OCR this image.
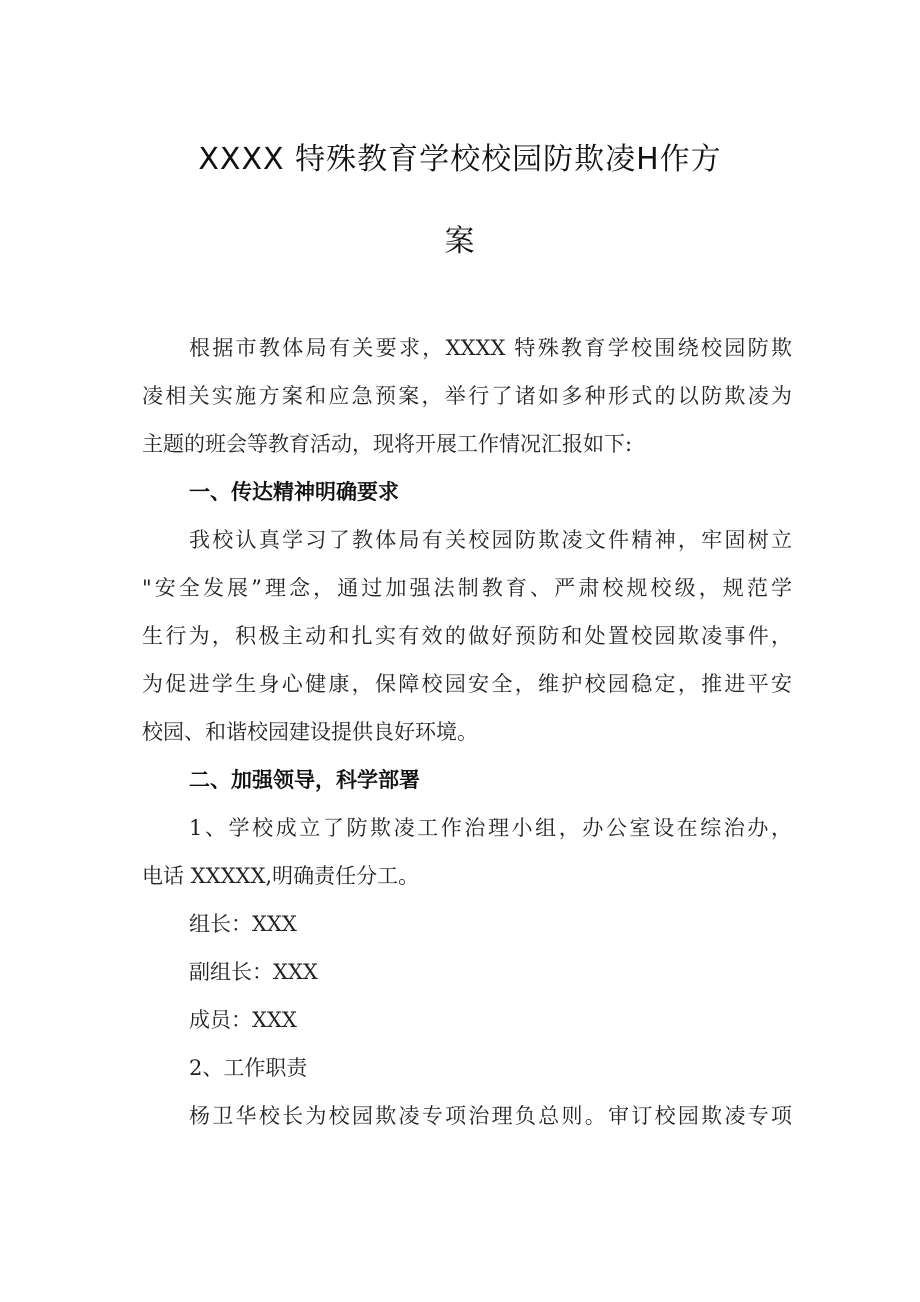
XXXX 特殊教育学校校园防欺凌H作方
案

根据市教体局有关要求，XXXX 特殊教育学校围绕校园防欺

凌相关实施方案和应急预案，举行了诸如多种形式的以防欺凌为

主题的班会等教育活动，现将开展工作情况汇报如下:

一、传达精神明确要求

我校认真学习了教体局有关校园防欺凌文件精神，牢固树立

"安全发展”理念，通过加强法制教育、严肃校规校级，规范学

生行为，积极主动和扎实有效的做好预防和处置校园欺凌事件，

为促进学生身心健康，保障校园安全，维护校园稳定，推进平安

校园、和谐校园建设提供良好环境。

二、加强领导，科学部署

1、学校成立了防欺凌工作治理小组，办公室设在综治办，

电话 XXXXX,明确责任分工。

组长：XXX

副组长：XXX

成员：XXX

2、工作职责

杨卫华校长为校园欺凌专项治理负总则。审订校园欺凌专项
